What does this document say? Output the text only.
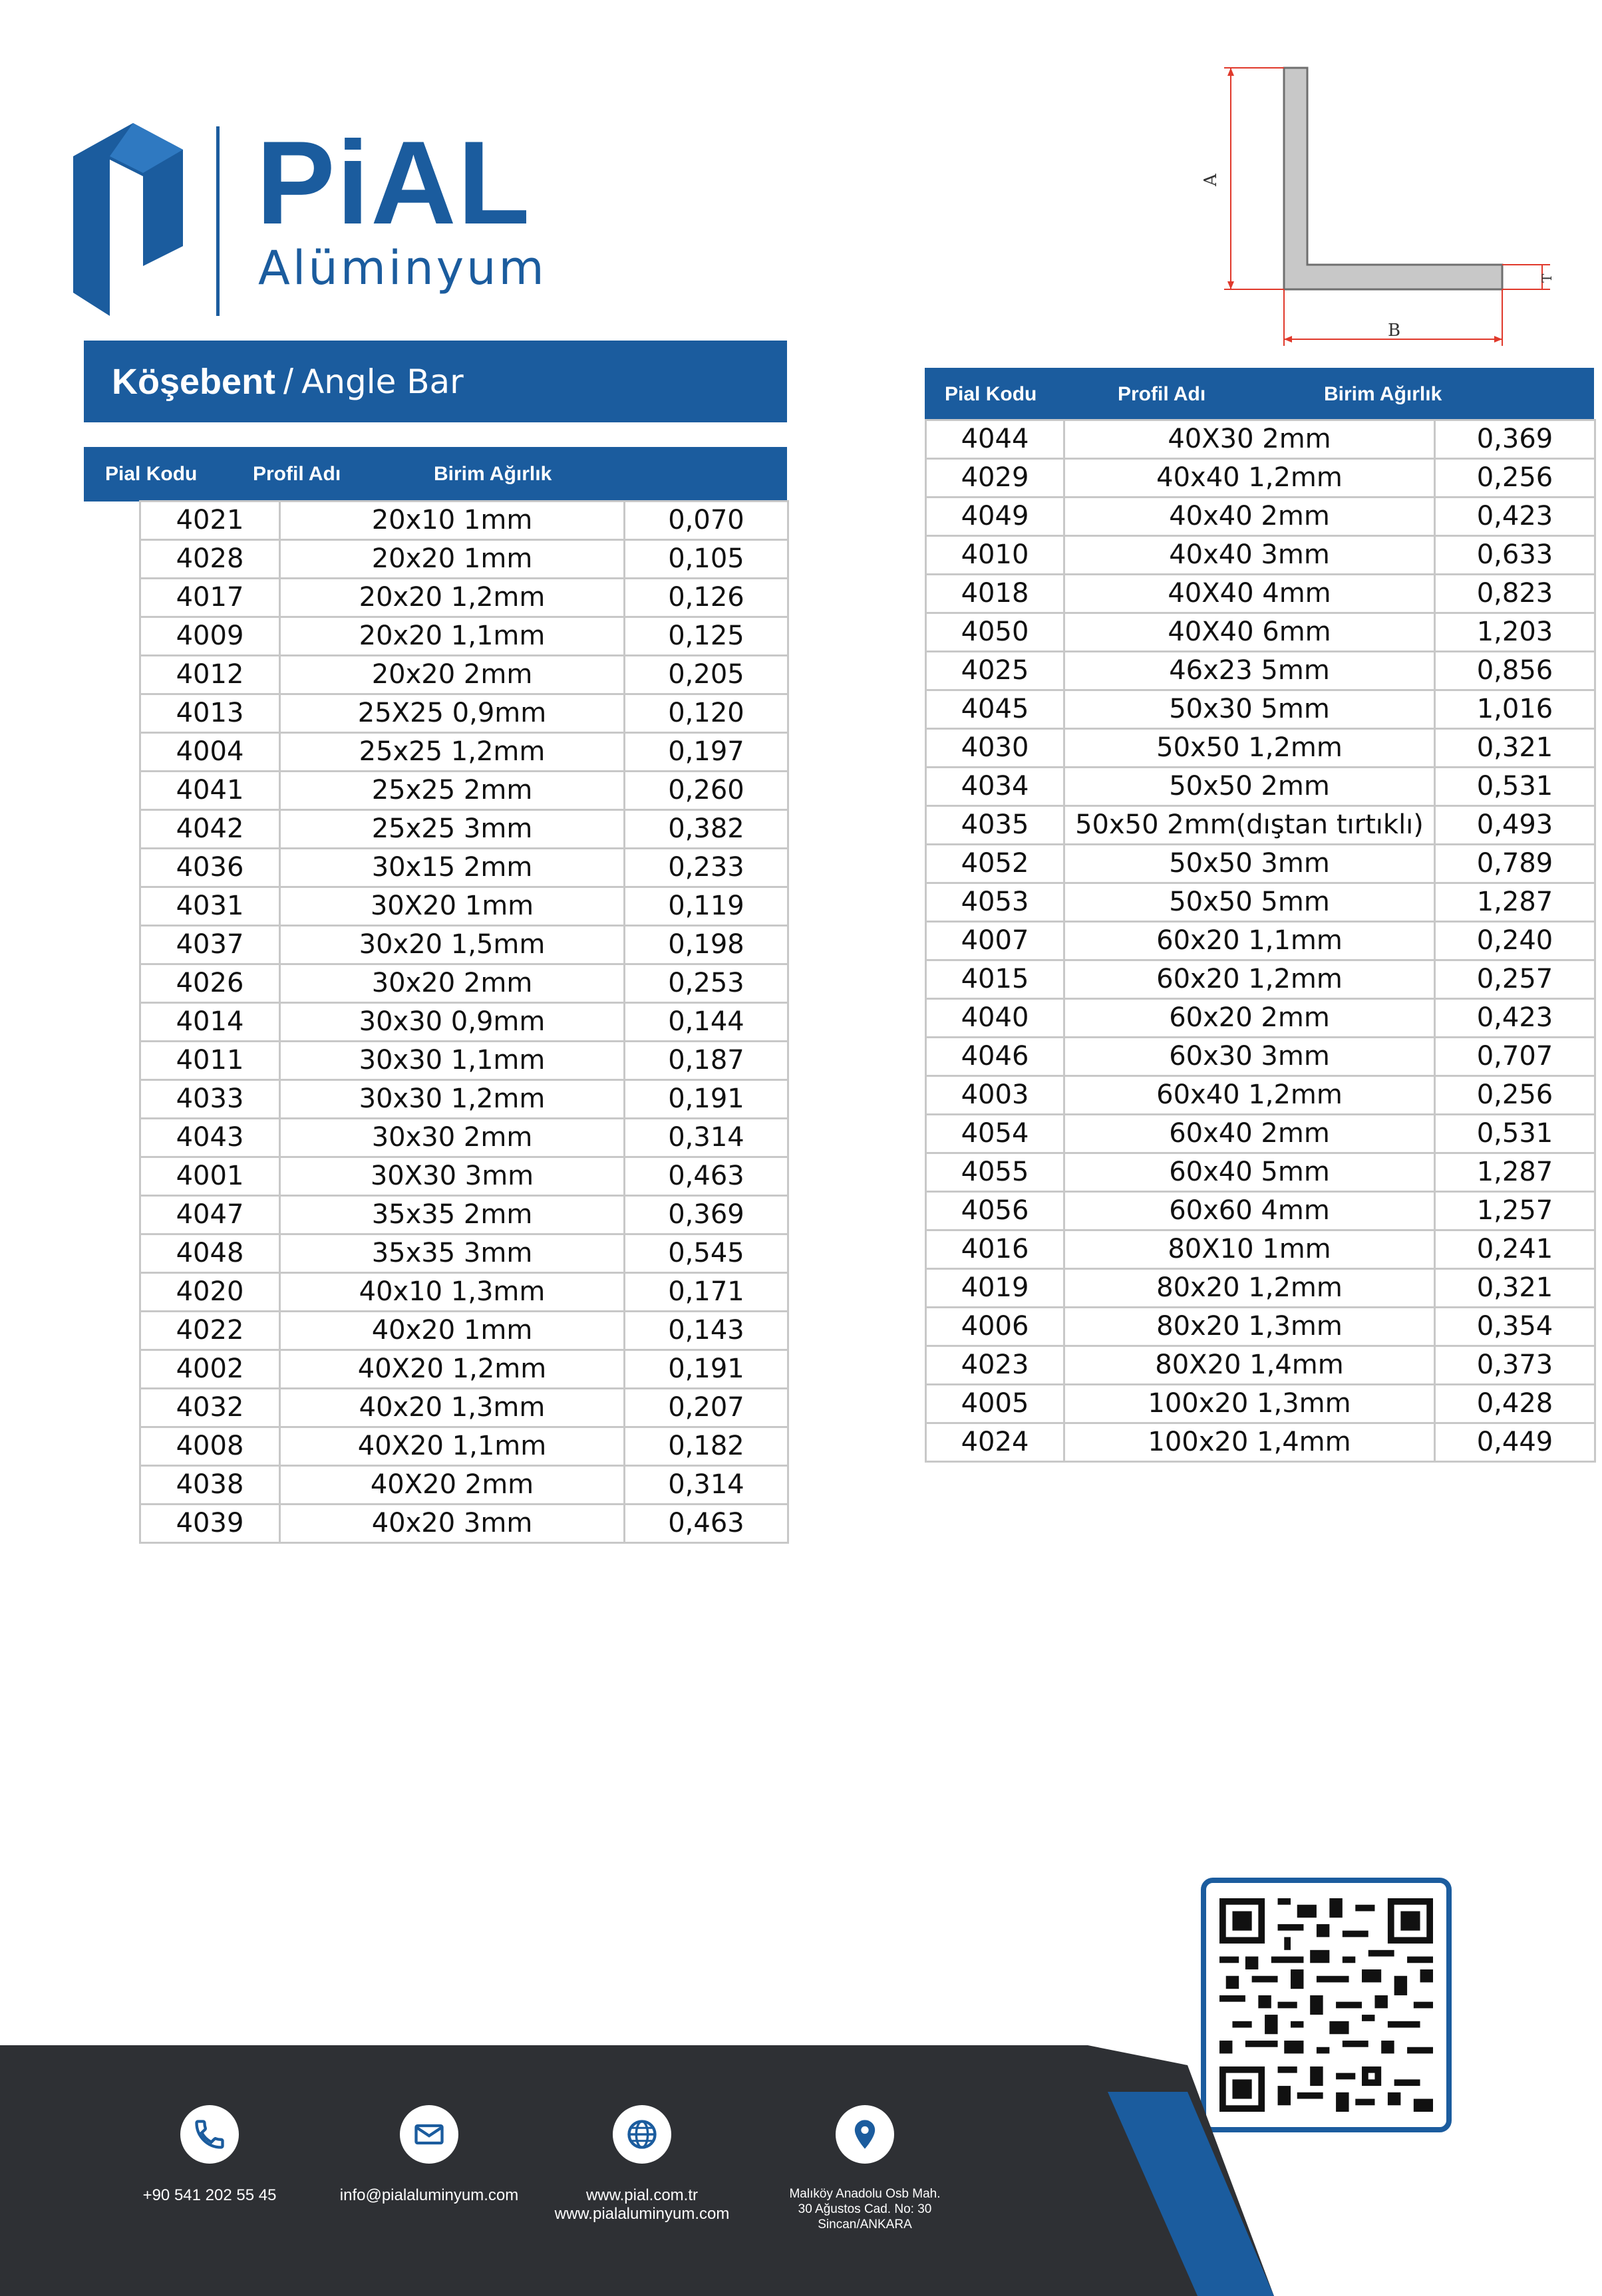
PiAL
Alüminyum
A
B
T
Köşebent / Angle Bar
Pial Kodu	Profil Adı	Birim Ağırlık
4021	20x10 1mm	0,070
4028	20x20 1mm	0,105
4017	20x20 1,2mm	0,126
4009	20x20 1,1mm	0,125
4012	20x20 2mm	0,205
4013	25X25 0,9mm	0,120
4004	25x25 1,2mm	0,197
4041	25x25 2mm	0,260
4042	25x25 3mm	0,382
4036	30x15 2mm	0,233
4031	30X20 1mm	0,119
4037	30x20 1,5mm	0,198
4026	30x20 2mm	0,253
4014	30x30 0,9mm	0,144
4011	30x30 1,1mm	0,187
4033	30x30 1,2mm	0,191
4043	30x30 2mm	0,314
4001	30X30 3mm	0,463
4047	35x35 2mm	0,369
4048	35x35 3mm	0,545
4020	40x10 1,3mm	0,171
4022	40x20 1mm	0,143
4002	40X20 1,2mm	0,191
4032	40x20 1,3mm	0,207
4008	40X20 1,1mm	0,182
4038	40X20 2mm	0,314
4039	40x20 3mm	0,463
Pial Kodu	Profil Adı	Birim Ağırlık
4044	40X30 2mm	0,369
4029	40x40 1,2mm	0,256
4049	40x40 2mm	0,423
4010	40x40 3mm	0,633
4018	40X40 4mm	0,823
4050	40X40 6mm	1,203
4025	46x23 5mm	0,856
4045	50x30 5mm	1,016
4030	50x50 1,2mm	0,321
4034	50x50 2mm	0,531
4035	50x50 2mm(dıştan tırtıklı)	0,493
4052	50x50 3mm	0,789
4053	50x50 5mm	1,287
4007	60x20 1,1mm	0,240
4015	60x20 1,2mm	0,257
4040	60x20 2mm	0,423
4046	60x30 3mm	0,707
4003	60x40 1,2mm	0,256
4054	60x40 2mm	0,531
4055	60x40 5mm	1,287
4056	60x60 4mm	1,257
4016	80X10 1mm	0,241
4019	80x20 1,2mm	0,321
4006	80x20 1,3mm	0,354
4023	80X20 1,4mm	0,373
4005	100x20 1,3mm	0,428
4024	100x20 1,4mm	0,449
+90 541 202 55 45	info@pialaluminyum.com	www.pial.com.tr
www.pialaluminyum.com
Malıköy Anadolu Osb Mah.
30 Ağustos Cad. No: 30
Sincan/ANKARA
